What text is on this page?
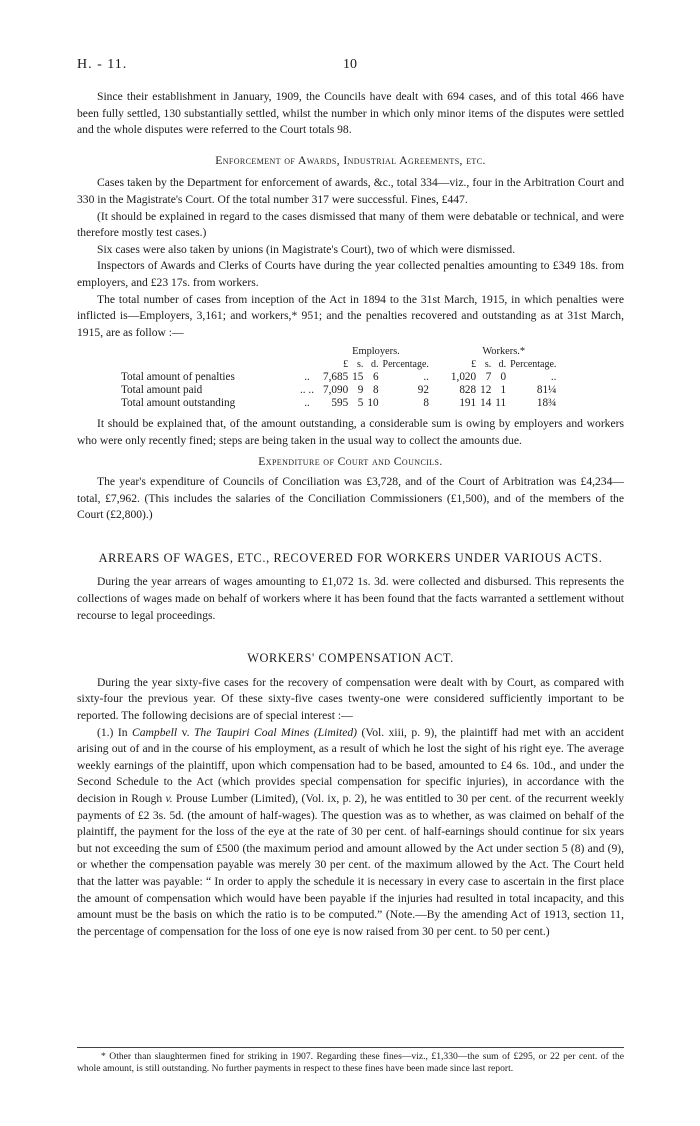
H. - 11.	10

Since their establishment in January, 1909, the Councils have dealt with 694 cases, and of this total 466 have been fully settled, 130 substantially settled, whilst the number in which only minor items of the disputes were settled and the whole disputes were referred to the Court totals 98.

Enforcement of Awards, Industrial Agreements, etc.

Cases taken by the Department for enforcement of awards, &c., total 334—viz., four in the Arbitration Court and 330 in the Magistrate's Court. Of the total number 317 were successful. Fines, £447.

(It should be explained in regard to the cases dismissed that many of them were debatable or technical, and were therefore mostly test cases.)

Six cases were also taken by unions (in Magistrate's Court), two of which were dismissed.

Inspectors of Awards and Clerks of Courts have during the year collected penalties amounting to £349 18s. from employers, and £23 17s. from workers.

The total number of cases from inception of the Act in 1894 to the 31st March, 1915, in which penalties were inflicted is—Employers, 3,161; and workers,* 951; and the penalties recovered and outstanding as at 31st March, 1915, are as follow :—

		Employers.					Workers.*			
		£	s.	d.	Percentage.		£	s.	d.	Percentage.
Total amount of penalties	..	7,685	15	6	..		1,020	7	0	..
Total amount paid	.. ..	7,090	9	8	92		828	12	1	81¼
Total amount outstanding	..	595	5	10	8		191	14	11	18¾

It should be explained that, of the amount outstanding, a considerable sum is owing by employers and workers who were only recently fined; steps are being taken in the usual way to collect the amounts due.

Expenditure of Court and Councils.

The year's expenditure of Councils of Conciliation was £3,728, and of the Court of Arbitration was £4,234—total, £7,962. (This includes the salaries of the Conciliation Commissioners (£1,500), and of the members of the Court (£2,800).)

ARREARS OF WAGES, ETC., RECOVERED FOR WORKERS UNDER VARIOUS ACTS.

During the year arrears of wages amounting to £1,072 1s. 3d. were collected and disbursed. This represents the collections of wages made on behalf of workers where it has been found that the facts warranted a settlement without recourse to legal proceedings.

WORKERS' COMPENSATION ACT.

During the year sixty-five cases for the recovery of compensation were dealt with by Court, as compared with sixty-four the previous year. Of these sixty-five cases twenty-one were considered sufficiently important to be reported. The following decisions are of special interest :—

(1.) In Campbell v. The Taupiri Coal Mines (Limited) (Vol. xiii, p. 9), the plaintiff had met with an accident arising out of and in the course of his employment, as a result of which he lost the sight of his right eye. The average weekly earnings of the plaintiff, upon which compensation had to be based, amounted to £4 6s. 10d., and under the Second Schedule to the Act (which provides special compensation for specific injuries), in accordance with the decision in Rough v. Prouse Lumber (Limited), (Vol. ix, p. 2), he was entitled to 30 per cent. of the recurrent weekly payments of £2 3s. 5d. (the amount of half-wages). The question was as to whether, as was claimed on behalf of the plaintiff, the payment for the loss of the eye at the rate of 30 per cent. of half-earnings should continue for six years but not exceeding the sum of £500 (the maximum period and amount allowed by the Act under section 5 (8) and (9), or whether the compensation payable was merely 30 per cent. of the maximum allowed by the Act. The Court held that the latter was payable: “ In order to apply the schedule it is necessary in every case to ascertain in the first place the amount of compensation which would have been payable if the injuries had resulted in total incapacity, and this amount must be the basis on which the ratio is to be computed.” (Note.—By the amending Act of 1913, section 11, the percentage of compensation for the loss of one eye is now raised from 30 per cent. to 50 per cent.)

* Other than slaughtermen fined for striking in 1907. Regarding these fines—viz., £1,330—the sum of £295, or 22 per cent. of the whole amount, is still outstanding. No further payments in respect to these fines have been made since last report.
